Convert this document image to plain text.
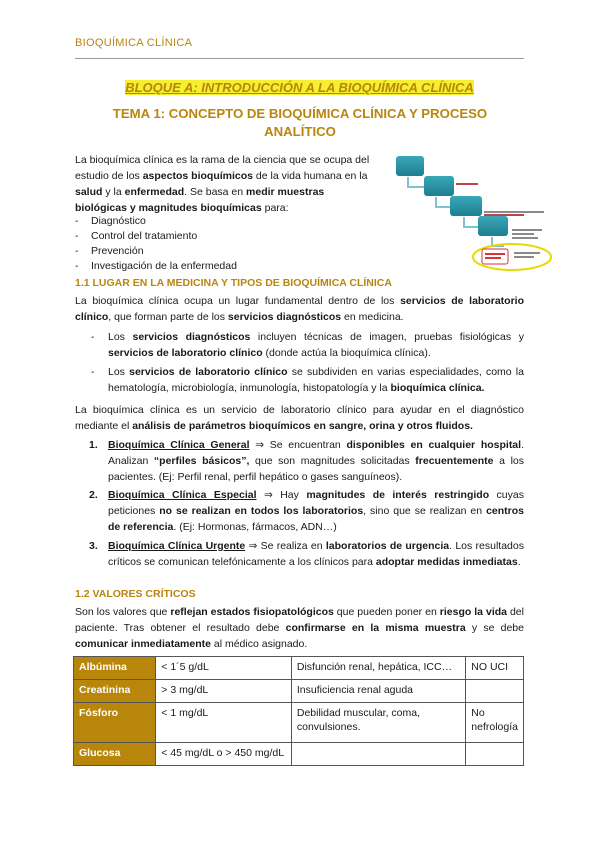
BIOQUÍMICA CLÍNICA
BLOQUE A: INTRODUCCIÓN A LA BIOQUÍMICA CLÍNICA
TEMA 1: CONCEPTO DE BIOQUÍMICA CLÍNICA Y PROCESO ANALÍTICO
La bioquímica clínica es la rama de la ciencia que se ocupa del estudio de los aspectos bioquímicos de la vida humana en la salud y la enfermedad. Se basa en medir muestras biológicas y magnitudes bioquímicas para:
- Diagnóstico
- Control del tratamiento
- Prevención
- Investigación de la enfermedad
1.1 LUGAR EN LA MEDICINA Y TIPOS DE BIOQUÍMICA CLÍNICA
La bioquímica clínica ocupa un lugar fundamental dentro de los servicios de laboratorio clínico, que forman parte de los servicios diagnósticos en medicina.
- Los servicios diagnósticos incluyen técnicas de imagen, pruebas fisiológicas y servicios de laboratorio clínico (donde actúa la bioquímica clínica).
- Los servicios de laboratorio clínico se subdividen en varias especialidades, como la hematología, microbiología, inmunología, histopatología y la bioquímica clínica.
La bioquímica clínica es un servicio de laboratorio clínico para ayudar en el diagnóstico mediante el análisis de parámetros bioquímicos en sangre, orina y otros fluidos.
1. Bioquímica Clínica General ⇒ Se encuentran disponibles en cualquier hospital. Analizan “perfiles básicos”, que son magnitudes solicitadas frecuentemente a los pacientes. (Ej: Perfil renal, perfil hepático o gases sanguíneos).
2. Bioquímica Clínica Especial ⇒ Hay magnitudes de interés restringido cuyas peticiones no se realizan en todos los laboratorios, sino que se realizan en centros de referencia. (Ej: Hormonas, fármacos, ADN…)
3. Bioquímica Clínica Urgente ⇒ Se realiza en laboratorios de urgencia. Los resultados críticos se comunican telefónicamente a los clínicos para adoptar medidas inmediatas.
1.2 VALORES CRÍTICOS
Son los valores que reflejan estados fisiopatológicos que pueden poner en riesgo la vida del paciente. Tras obtener el resultado debe confirmarse en la misma muestra y se debe comunicar inmediatamente al médico asignado.
Albúmina	< 1´5 g/dL	Disfunción renal, hepática, ICC…	NO UCI
Creatinina	> 3 mg/dL	Insuficiencia renal aguda	
Fósforo	< 1 mg/dL	Debilidad muscular, coma, convulsiones.	No nefrología
Glucosa	< 45 mg/dL o > 450 mg/dL		
